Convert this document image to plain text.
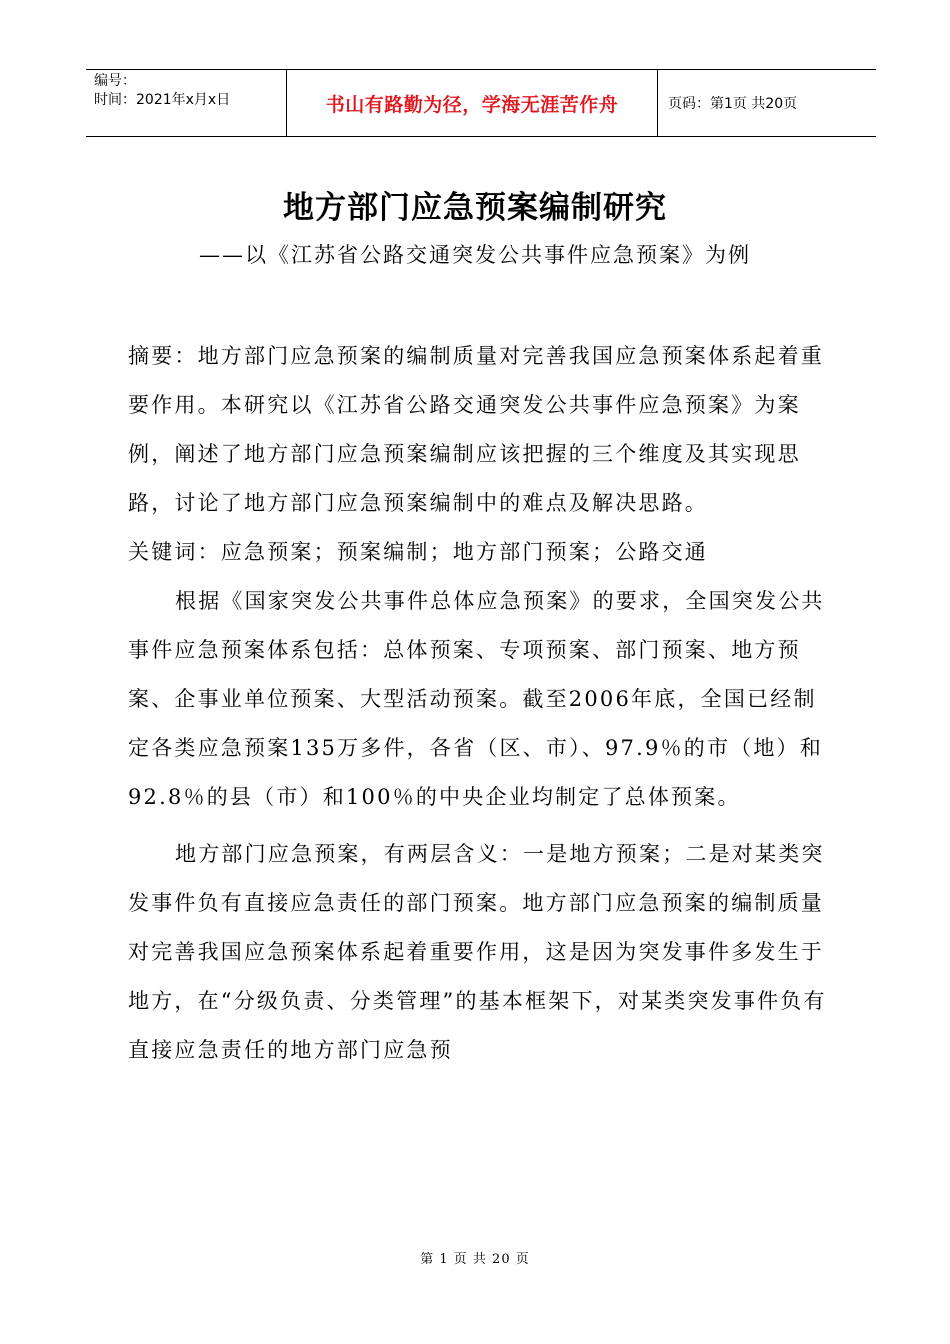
编号：
时间：2021年x月x日	书山有路勤为径，学海无涯苦作舟	页码：第1页 共20页
地方部门应急预案编制研究
——以《江苏省公路交通突发公共事件应急预案》为例

摘要：地方部门应急预案的编制质量对完善我国应急预案体系起着重要作用。本研究以《江苏省公路交通突发公共事件应急预案》为案例，阐述了地方部门应急预案编制应该把握的三个维度及其实现思路，讨论了地方部门应急预案编制中的难点及解决思路。

关键词：应急预案；预案编制；地方部门预案；公路交通

根据《国家突发公共事件总体应急预案》的要求，全国突发公共事件应急预案体系包括：总体预案、专项预案、部门预案、地方预案、企事业单位预案、大型活动预案。截至2006年底，全国已经制定各类应急预案135万多件，各省（区、市）、97.9％的市（地）和92.8％的县（市）和100％的中央企业均制定了总体预案。

地方部门应急预案，有两层含义：一是地方预案；二是对某类突发事件负有直接应急责任的部门预案。地方部门应急预案的编制质量对完善我国应急预案体系起着重要作用，这是因为突发事件多发生于地方，在“分级负责、分类管理”的基本框架下，对某类突发事件负有直接应急责任的地方部门应急预

第 1 页 共 20 页
